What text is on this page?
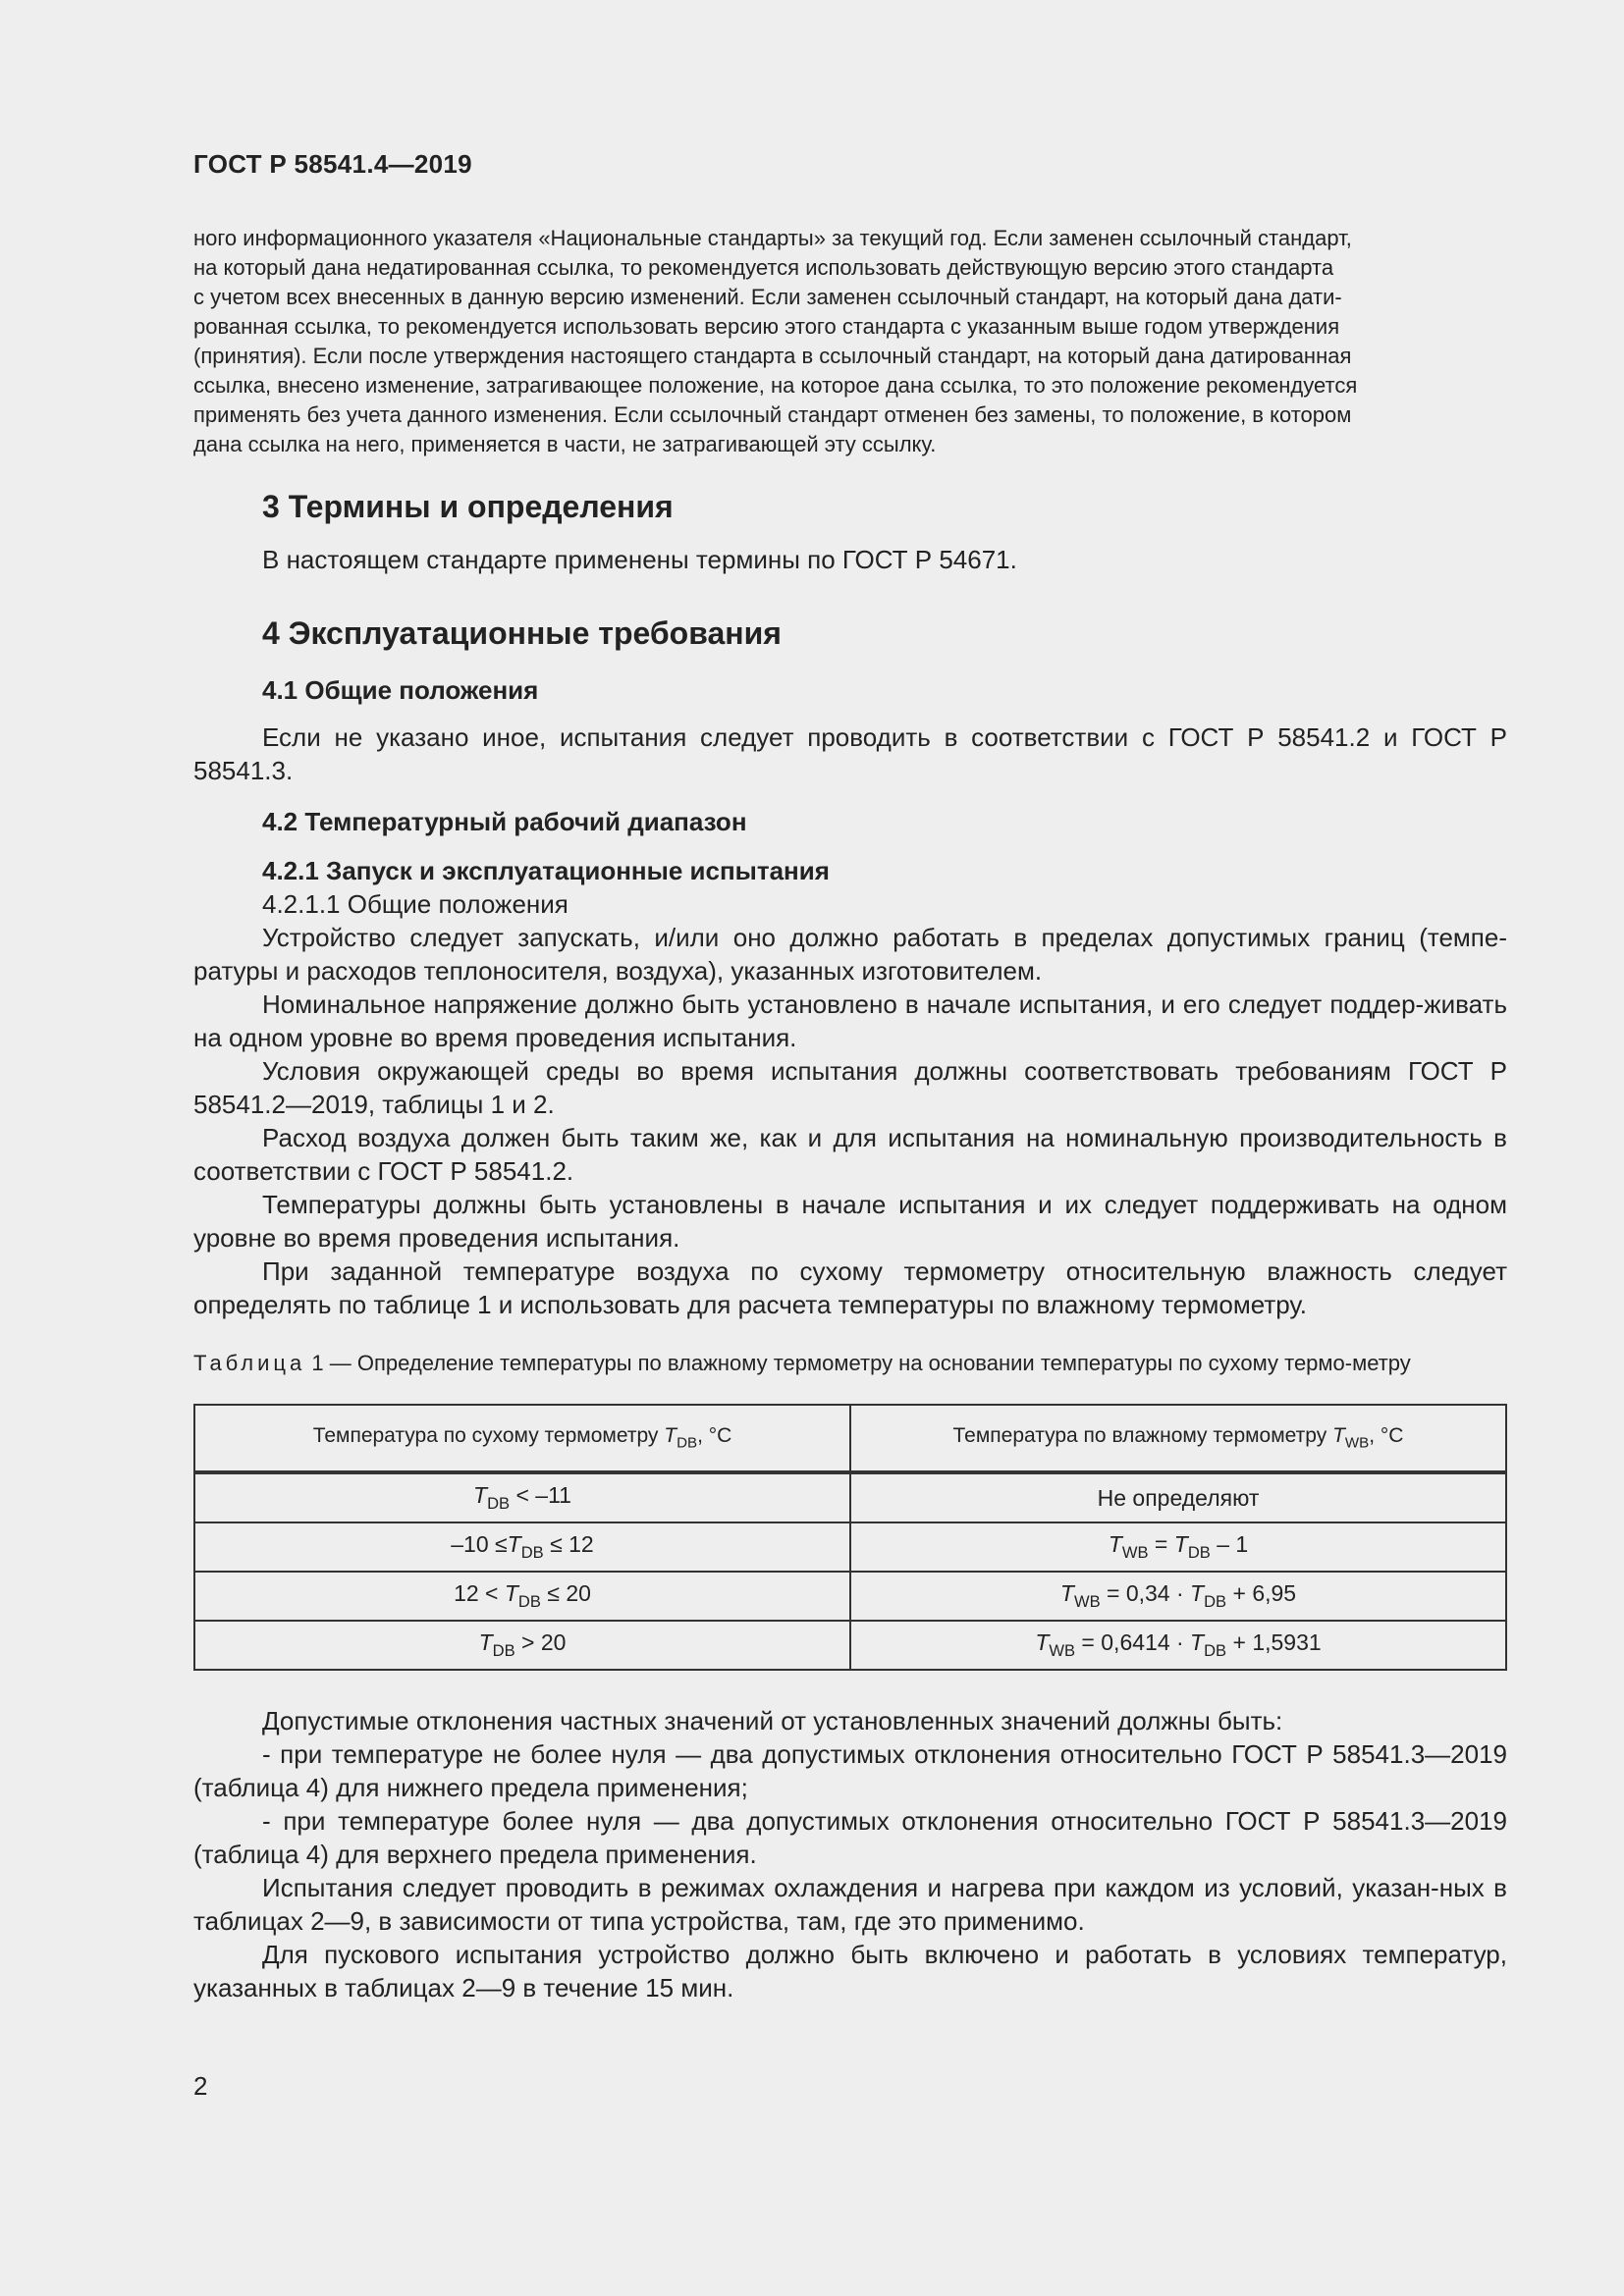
ГОСТ Р 58541.4—2019

ного информационного указателя «Национальные стандарты» за текущий год. Если заменен ссылочный стандарт,

на который дана недатированная ссылка, то рекомендуется использовать действующую версию этого стандарта

с учетом всех внесенных в данную версию изменений. Если заменен ссылочный стандарт, на который дана дати-

рованная ссылка, то рекомендуется использовать версию этого стандарта с указанным выше годом утверждения

(принятия). Если после утверждения настоящего стандарта в ссылочный стандарт, на который дана датированная

ссылка, внесено изменение, затрагивающее положение, на которое дана ссылка, то это положение рекомендуется

применять без учета данного изменения. Если ссылочный стандарт отменен без замены, то положение, в котором

дана ссылка на него, применяется в части, не затрагивающей эту ссылку.

3 Термины и определения

В настоящем стандарте применены термины по ГОСТ Р 54671.

4 Эксплуатационные требования

4.1 Общие положения

Если не указано иное, испытания следует проводить в соответствии с ГОСТ Р 58541.2 и ГОСТ Р 58541.3.

4.2 Температурный рабочий диапазон

4.2.1 Запуск и эксплуатационные испытания

4.2.1.1 Общие положения

Устройство следует запускать, и/или оно должно работать в пределах допустимых границ (темпе-ратуры и расходов теплоносителя, воздуха), указанных изготовителем.

Номинальное напряжение должно быть установлено в начале испытания, и его следует поддер-живать на одном уровне во время проведения испытания.

Условия окружающей среды во время испытания должны соответствовать требованиям ГОСТ Р 58541.2—2019, таблицы 1 и 2.

Расход воздуха должен быть таким же, как и для испытания на номинальную производительность в соответствии с ГОСТ Р 58541.2.

Температуры должны быть установлены в начале испытания и их следует поддерживать на одном уровне во время проведения испытания.

При заданной температуре воздуха по сухому термометру относительную влажность следует определять по таблице 1 и использовать для расчета температуры по влажному термометру.

Таблица 1 — Определение температуры по влажному термометру на основании температуры по сухому термо-метру

Температура по сухому термометру $T_{DB}$, °С	Температура по влажному термометру $T_{WB}$, °С
$T_{DB} < -11$	Не определяют
$-10 \le T_{DB} \le 12$	$T_{WB} = T_{DB} - 1$
$12 < T_{DB} \le 20$	$T_{WB} = 0,34 \cdot T_{DB} + 6,95$
$T_{DB} > 20$	$T_{WB} = 0,6414 \cdot T_{DB} + 1,5931$

Допустимые отклонения частных значений от установленных значений должны быть:

- при температуре не более нуля — два допустимых отклонения относительно ГОСТ Р 58541.3—2019 (таблица 4) для нижнего предела применения;

- при температуре более нуля — два допустимых отклонения относительно ГОСТ Р 58541.3—2019 (таблица 4) для верхнего предела применения.

Испытания следует проводить в режимах охлаждения и нагрева при каждом из условий, указан-ных в таблицах 2—9, в зависимости от типа устройства, там, где это применимо.

Для пускового испытания устройство должно быть включено и работать в условиях температур, указанных в таблицах 2—9 в течение 15 мин.

2
